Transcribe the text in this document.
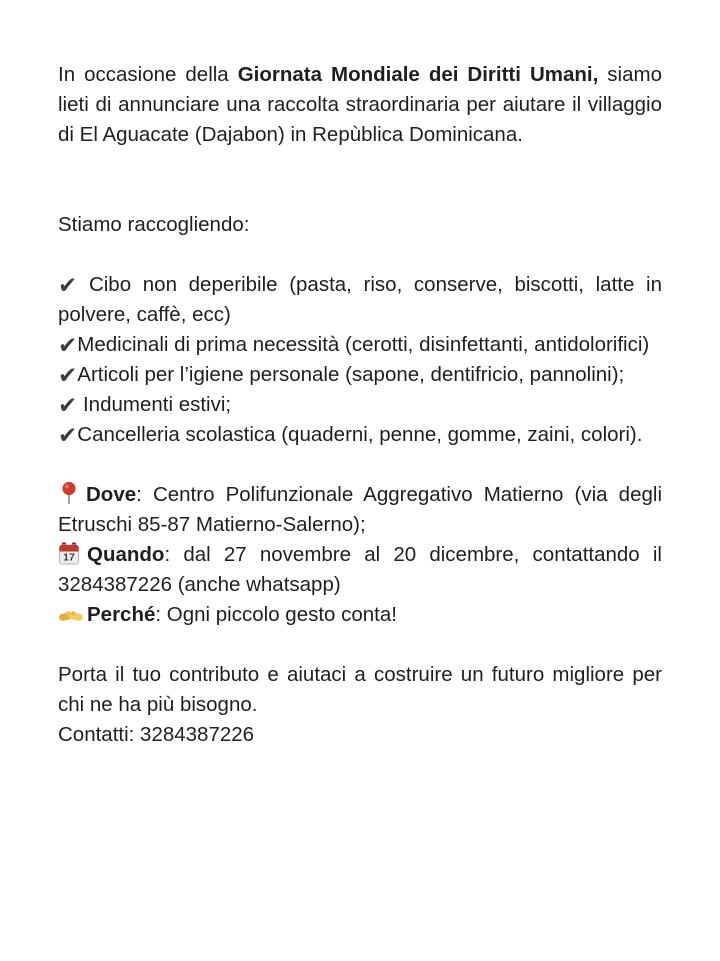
In occasione della Giornata Mondiale dei Diritti Umani, siamo lieti di annunciare una raccolta straordinaria per aiutare il villaggio di El Aguacate (Dajabon) in Repùblica Dominicana.

Stiamo raccogliendo:

✔ Cibo non deperibile (pasta, riso, conserve, biscotti, latte in polvere, caffè, ecc)

✔Medicinali di prima necessità (cerotti, disinfettanti, antidolorifici)

✔Articoli per l’igiene personale (sapone, dentifricio, pannolini);

✔ Indumenti estivi;

✔Cancelleria scolastica (quaderni, penne, gomme, zaini, colori).

Dove: Centro Polifunzionale Aggregativo Matierno (via degli Etruschi 85-87 Matierno-Salerno);

17 Quando: dal 27 novembre al 20 dicembre, contattando il 3284387226 (anche whatsapp)

Perché: Ogni piccolo gesto conta!

Porta il tuo contributo e aiutaci a costruire un futuro migliore per chi ne ha più bisogno.

Contatti: 3284387226
